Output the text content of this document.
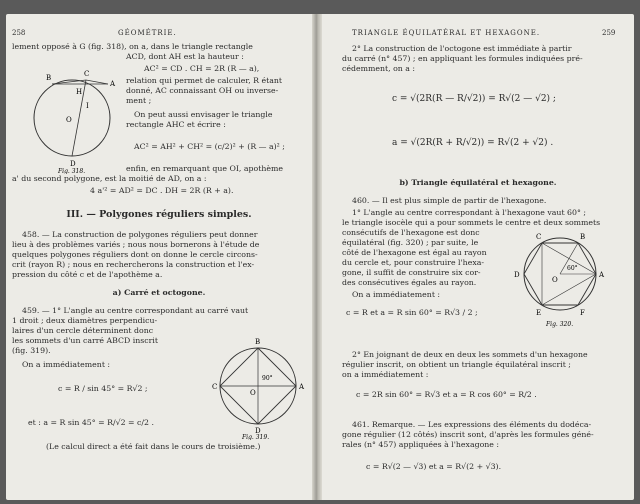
258	GÉOMÉTRIE.
lement opposé à G (fig. 318), on a, dans le triangle rectangle
ACD, dont AH est la hauteur :
AC² = CD . CH = 2R (R — a),
relation qui permet de calculer, R étant
donné, AC connaissant OH ou inverse-
ment ;
On peut aussi envisager le triangle
rectangle AHC et écrire :
AC² = AH² + CH² = (c/2)² + (R — a)² ;
enfin, en remarquant que OI, apothème
a' du second polygone, est la moitié de AD, on a :
4 a'² = AD² = DC . DH = 2R (R + a).
B	C
A
H
O
I
D
Fig. 318.
III. — Polygones réguliers simples.
458. — La construction de polygones réguliers peut donner
lieu à des problèmes variés ; nous nous bornerons à l'étude de
quelques polygones réguliers dont on donne le cercle circons-
crit (rayon R) ; nous en rechercherons la construction et l'ex-
pression du côté c et de l'apothème a.
a) Carré et octogone.
459. — 1° L'angle au centre correspondant au carré vaut
1 droit ; deux diamètres perpendicu-
laires d'un cercle déterminent donc
les sommets d'un carré ABCD inscrit
(fig. 319).
On a immédiatement :
c = R / sin 45° = R√2 ;
et : a = R sin 45° = R/√2 = c/2 .
B
C	A
D
O
90°
Fig. 319.
(Le calcul direct a été fait dans le cours de troisième.)
TRIANGLE ÉQUILATÉRAL ET HEXAGONE.	259
2° La construction de l'octogone est immédiate à partir
du carré (n° 457) ; en appliquant les formules indiquées pré-
cédemment, on a :
c = √(2R(R — R/√2)) = R√(2 — √2) ;
a = √(2R(R + R/√2)) = R√(2 + √2) .
b) Triangle équilatéral et hexagone.
460. — Il est plus simple de partir de l'hexagone.
1° L'angle au centre correspondant à l'hexagone vaut 60° ;
le triangle isocèle qui a pour sommets le centre et deux sommets
consécutifs de l'hexagone est donc
équilatéral (fig. 320) ; par suite, le
côté de l'hexagone est égal au rayon
du cercle et, pour construire l'hexa-
gone, il suffit de construire six cor-
des consécutives égales au rayon.
On a immédiatement :
c = R et a = R sin 60° = R√3 / 2 ;
C	B
D	A
E	F
O
60°
Fig. 320.
2° En joignant de deux en deux les sommets d'un hexagone
régulier inscrit, on obtient un triangle équilatéral inscrit ;
on a immédiatement :
c = 2R sin 60° = R√3 et a = R cos 60° = R/2 .
461. Remarque. — Les expressions des éléments du dodéca-
gone régulier (12 côtés) inscrit sont, d'après les formules géné-
rales (n° 457) appliquées à l'hexagone :
c = R√(2 — √3) et a = R√(2 + √3).
